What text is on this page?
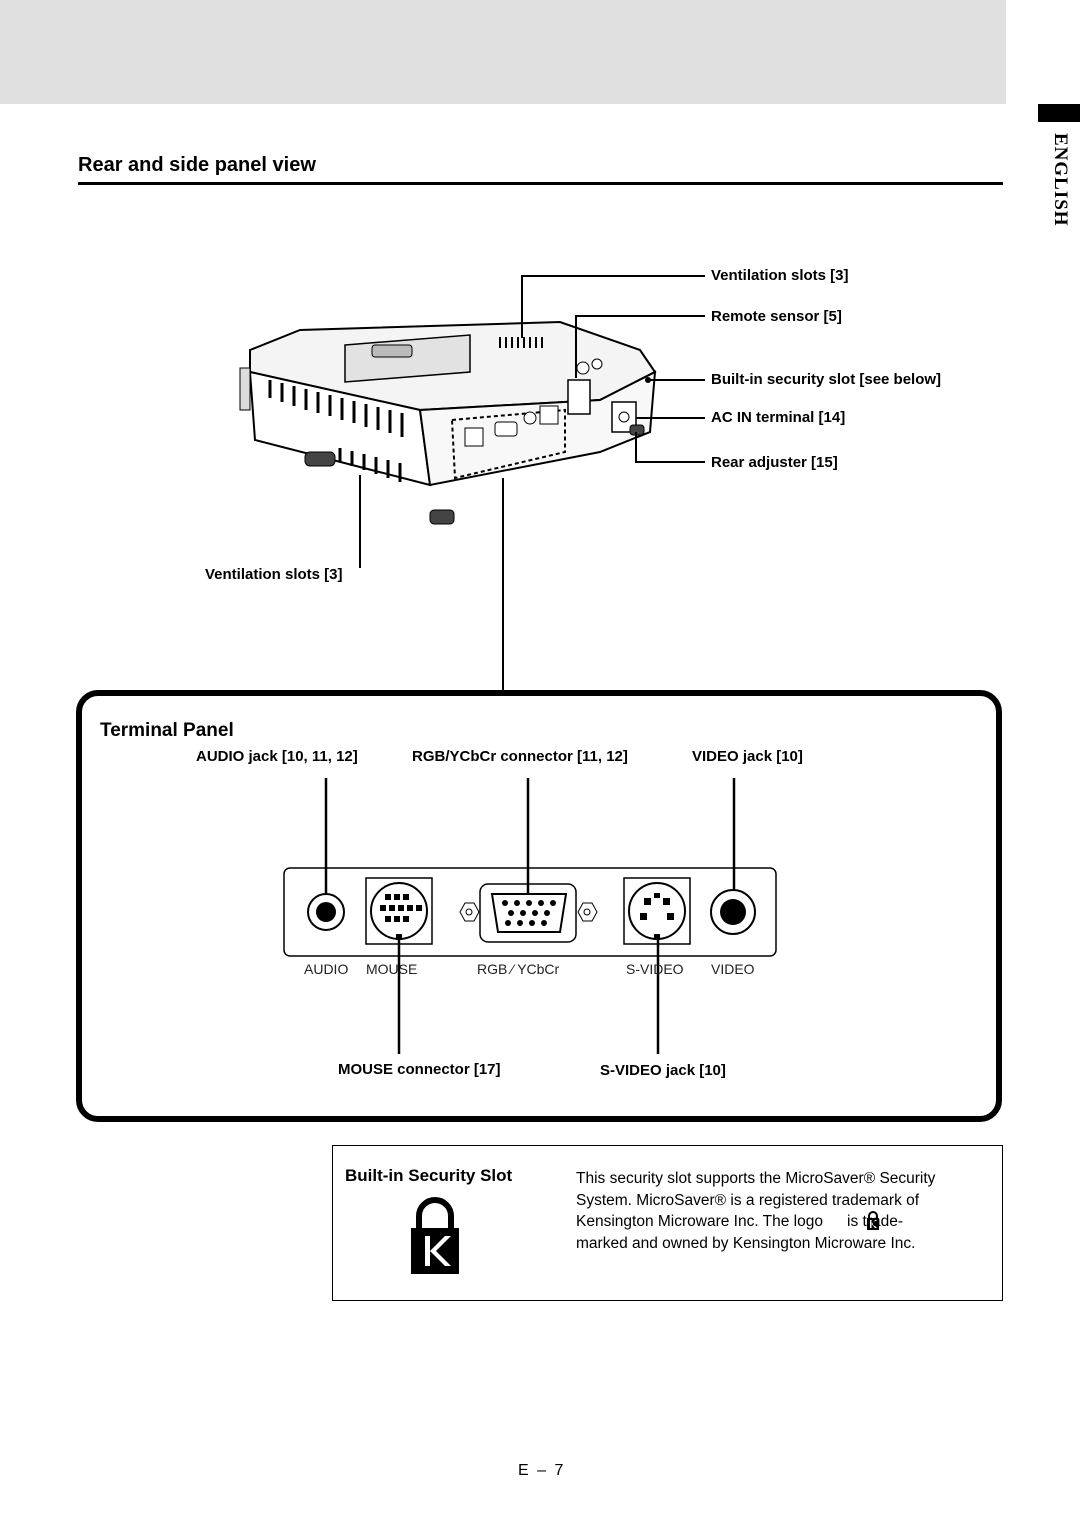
ENGLISH
Rear and side panel view
Ventilation slots [3]
Remote sensor [5]
Built-in security slot [see below]
AC IN terminal [14]
Rear adjuster [15]
Ventilation slots [3]
Terminal Panel
AUDIO jack [10, 11, 12]	RGB/YCbCr connector [11, 12]	VIDEO jack [10]
AUDIO MOUSE	RGB ⁄ YCbCr	S-VIDEO VIDEO
MOUSE connector [17]	S-VIDEO jack [10]
Built-in Security Slot	This security slot supports the MicroSaver® Security
System. MicroSaver® is a registered trademark of
Kensington Microware Inc. The logo is trade-
marked and owned by Kensington Microware Inc.
E – 7
